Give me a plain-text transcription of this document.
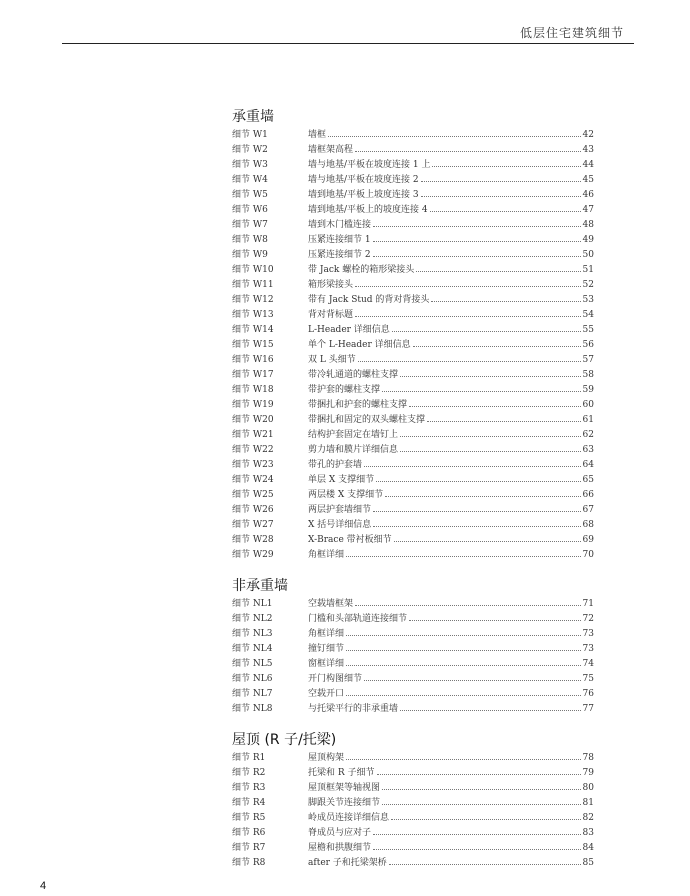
低层住宅建筑细节
承重墙
细节 W1	墙框	42
细节 W2	墙框架高程	43
细节 W3	墙与地基/平板在坡度连接 1 上	44
细节 W4	墙与地基/平板在坡度连接 2	45
细节 W5	墙到地基/平板上坡度连接 3	46
细节 W6	墙到地基/平板上的坡度连接 4	47
细节 W7	墙到木门槛连接	48
细节 W8	压紧连接细节 1	49
细节 W9	压紧连接细节 2	50
细节 W10	带 Jack 螺栓的箱形梁接头	51
细节 W11	箱形梁接头	52
细节 W12	带有 Jack Stud 的背对背接头	53
细节 W13	背对背标题	54
细节 W14	L-Header 详细信息	55
细节 W15	单个 L-Header 详细信息	56
细节 W16	双 L 头细节	57
细节 W17	带冷轧通道的螺柱支撑	58
细节 W18	带护套的螺柱支撑	59
细节 W19	带捆扎和护套的螺柱支撑	60
细节 W20	带捆扎和固定的双头螺柱支撑	61
细节 W21	结构护套固定在墙钉上	62
细节 W22	剪力墙和膜片详细信息	63
细节 W23	带孔的护套墙	64
细节 W24	单层 X 支撑细节	65
细节 W25	两层楼 X 支撑细节	66
细节 W26	两层护套墙细节	67
细节 W27	X 括号详细信息	68
细节 W28	X-Brace 带衬板细节	69
细节 W29	角框详细	70
非承重墙
细节 NL1	空载墙框架	71
细节 NL2	门槛和头部轨道连接细节	72
细节 NL3	角框详细	73
细节 NL4	撞钉细节	73
细节 NL5	窗框详细	74
细节 NL6	开门构图细节	75
细节 NL7	空载开口	76
细节 NL8	与托梁平行的非承重墙	77
屋顶 (R 子/托梁)
细节 R1	屋顶构架	78
细节 R2	托梁和 R 子细节	79
细节 R3	屋顶框架等轴视图	80
细节 R4	脚跟关节连接细节	81
细节 R5	岭成员连接详细信息	82
细节 R6	脊成员与应对子	83
细节 R7	屋檐和拱腹细节	84
细节 R8	after 子和托梁架桥	85
4
